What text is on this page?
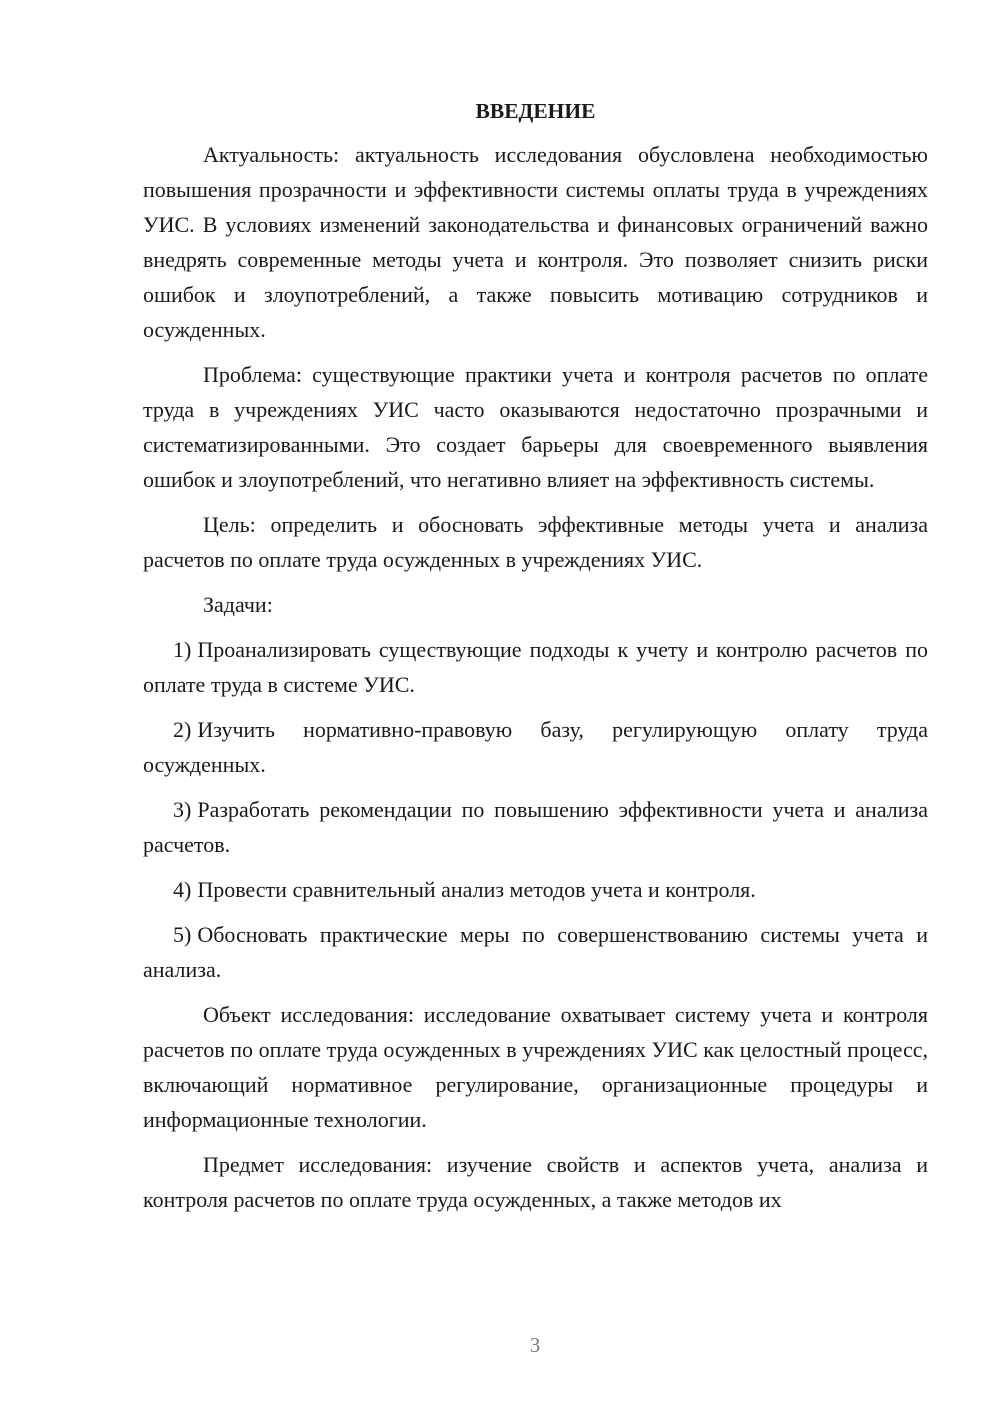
ВВЕДЕНИЕ

Актуальность: актуальность исследования обусловлена необходимостью повышения прозрачности и эффективности системы оплаты труда в учреждениях УИС. В условиях изменений законодательства и финансовых ограничений важно внедрять современные методы учета и контроля. Это позволяет снизить риски ошибок и злоупотреблений, а также повысить мотивацию сотрудников и осужденных.

Проблема: существующие практики учета и контроля расчетов по оплате труда в учреждениях УИС часто оказываются недостаточно прозрачными и систематизированными. Это создает барьеры для своевременного выявления ошибок и злоупотреблений, что негативно влияет на эффективность системы.

Цель: определить и обосновать эффективные методы учета и анализа расчетов по оплате труда осужденных в учреждениях УИС.

Задачи:

1) Проанализировать существующие подходы к учету и контролю расчетов по оплате труда в системе УИС.

2) Изучить нормативно-правовую базу, регулирующую оплату труда осужденных.

3) Разработать рекомендации по повышению эффективности учета и анализа расчетов.

4) Провести сравнительный анализ методов учета и контроля.

5) Обосновать практические меры по совершенствованию системы учета и анализа.

Объект исследования: исследование охватывает систему учета и контроля расчетов по оплате труда осужденных в учреждениях УИС как целостный процесс, включающий нормативное регулирование, организационные процедуры и информационные технологии.

Предмет исследования: изучение свойств и аспектов учета, анализа и контроля расчетов по оплате труда осужденных, а также методов их

3
